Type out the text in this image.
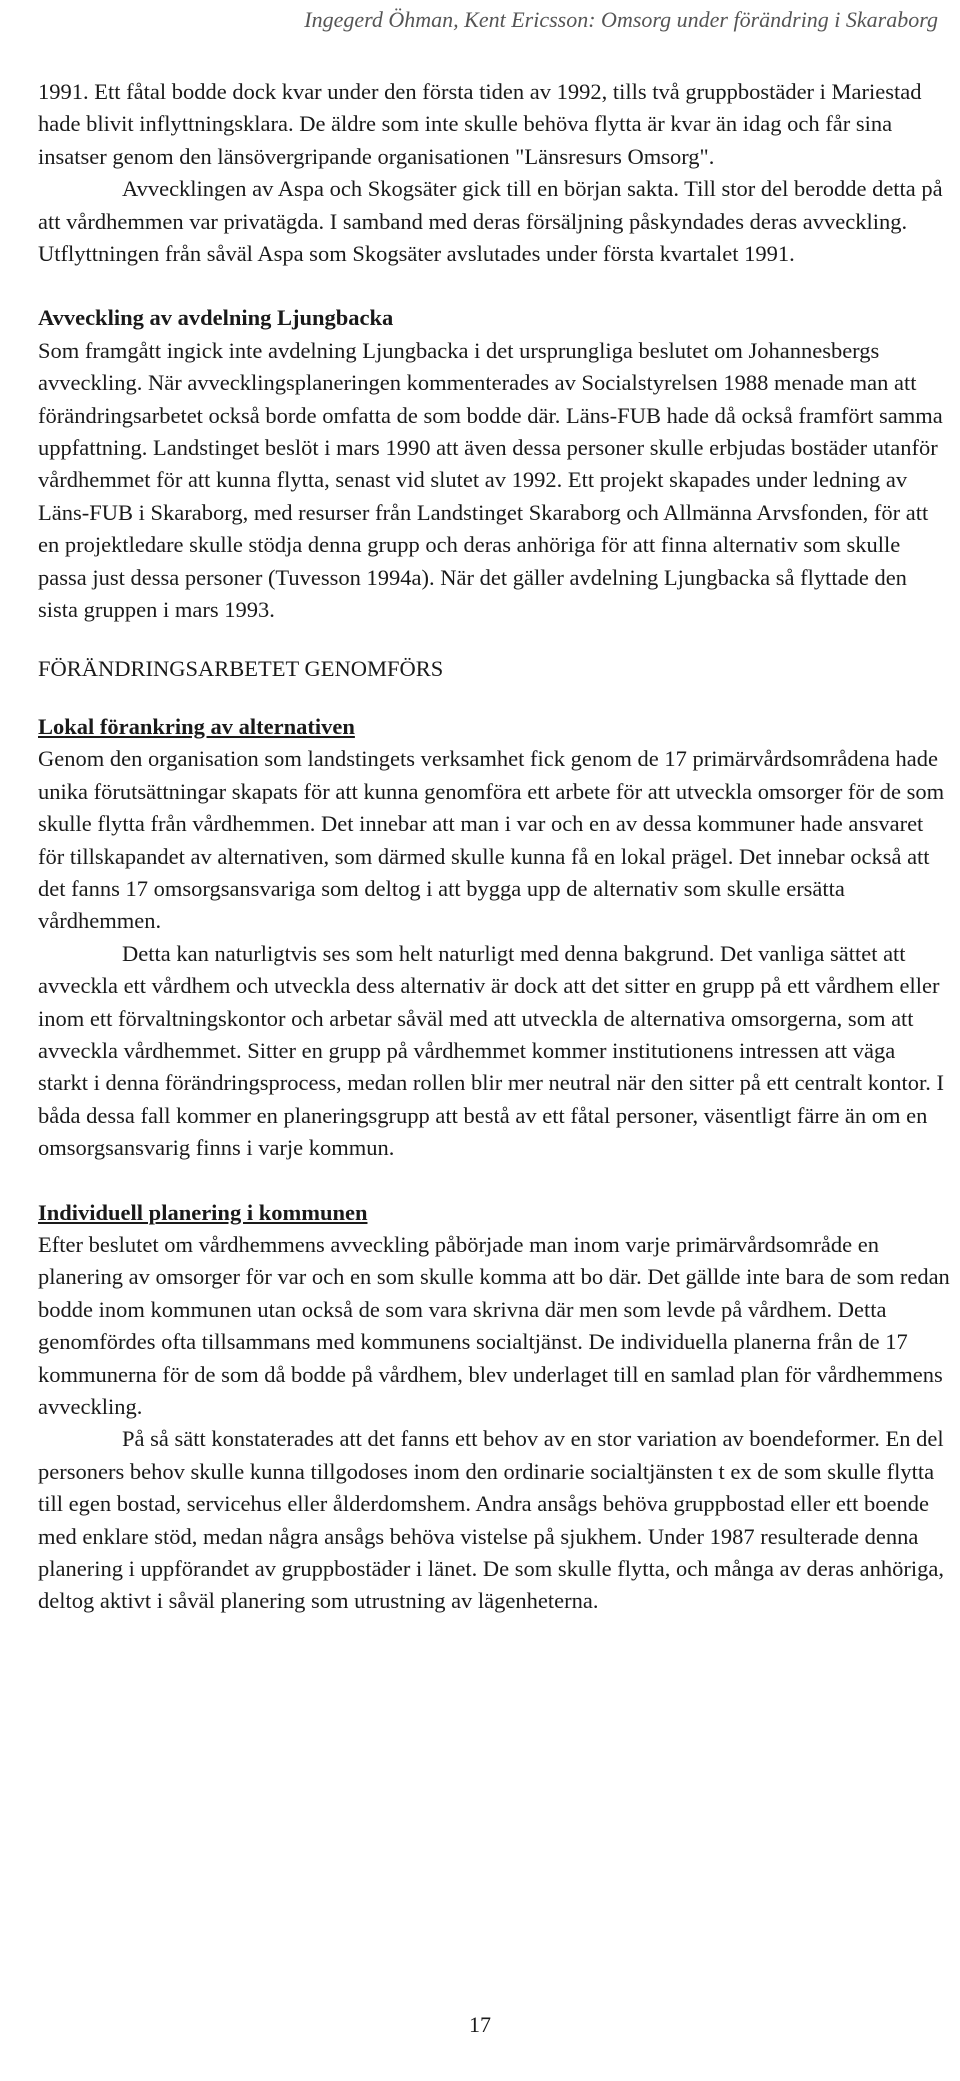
Ingegerd Öhman, Kent Ericsson: Omsorg under förändring i Skaraborg

1991. Ett fåtal bodde dock kvar under den första tiden av 1992, tills två gruppbostäder i Mariestad hade blivit inflyttningsklara. De äldre som inte skulle behöva flytta är kvar än idag och får sina insatser genom den länsövergripande organisationen "Länsresurs Omsorg".

Avvecklingen av Aspa och Skogsäter gick till en början sakta. Till stor del berodde detta på att vårdhemmen var privatägda. I samband med deras försäljning påskyndades deras avveckling. Utflyttningen från såväl Aspa som Skogsäter avslutades under första kvartalet 1991.

Avveckling av avdelning Ljungbacka

Som framgått ingick inte avdelning Ljungbacka i det ursprungliga beslutet om Johannesbergs avveckling. När avvecklingsplaneringen kommenterades av Socialstyrelsen 1988 menade man att förändringsarbetet också borde omfatta de som bodde där. Läns-FUB hade då också framfört samma uppfattning. Landstinget beslöt i mars 1990 att även dessa personer skulle erbjudas bostäder utanför vårdhemmet för att kunna flytta, senast vid slutet av 1992. Ett projekt skapades under ledning av Läns-FUB i Skaraborg, med resurser från Landstinget Skaraborg och Allmänna Arvsfonden, för att en projektledare skulle stödja denna grupp och deras anhöriga för att finna alternativ som skulle passa just dessa personer (Tuvesson 1994a). När det gäller avdelning Ljungbacka så flyttade den sista gruppen i mars 1993.

FÖRÄNDRINGSARBETET GENOMFÖRS
Lokal förankring av alternativen

Genom den organisation som landstingets verksamhet fick genom de 17 primärvårdsområdena hade unika förutsättningar skapats för att kunna genomföra ett arbete för att utveckla omsorger för de som skulle flytta från vårdhemmen. Det innebar att man i var och en av dessa kommuner hade ansvaret för tillskapandet av alternativen, som därmed skulle kunna få en lokal prägel. Det innebar också att det fanns 17 omsorgsansvariga som deltog i att bygga upp de alternativ som skulle ersätta vårdhemmen.

Detta kan naturligtvis ses som helt naturligt med denna bakgrund. Det vanliga sättet att avveckla ett vårdhem och utveckla dess alternativ är dock att det sitter en grupp på ett vårdhem eller inom ett förvaltningskontor och arbetar såväl med att utveckla de alternativa omsorgerna, som att avveckla vårdhemmet. Sitter en grupp på vårdhemmet kommer institutionens intressen att väga starkt i denna förändringsprocess, medan rollen blir mer neutral när den sitter på ett centralt kontor. I båda dessa fall kommer en planeringsgrupp att bestå av ett fåtal personer, väsentligt färre än om en omsorgsansvarig finns i varje kommun.

Individuell planering i kommunen

Efter beslutet om vårdhemmens avveckling påbörjade man inom varje primärvårdsområde en planering av omsorger för var och en som skulle komma att bo där. Det gällde inte bara de som redan bodde inom kommunen utan också de som vara skrivna där men som levde på vårdhem. Detta genomfördes ofta tillsammans med kommunens socialtjänst. De individuella planerna från de 17 kommunerna för de som då bodde på vårdhem, blev underlaget till en samlad plan för vårdhemmens avveckling.

På så sätt konstaterades att det fanns ett behov av en stor variation av boendeformer. En del personers behov skulle kunna tillgodoses inom den ordinarie socialtjänsten t ex de som skulle flytta till egen bostad, servicehus eller ålderdomshem. Andra ansågs behöva gruppbostad eller ett boende med enklare stöd, medan några ansågs behöva vistelse på sjukhem. Under 1987 resulterade denna planering i uppförandet av gruppbostäder i länet. De som skulle flytta, och många av deras anhöriga, deltog aktivt i såväl planering som utrustning av lägenheterna.

17
